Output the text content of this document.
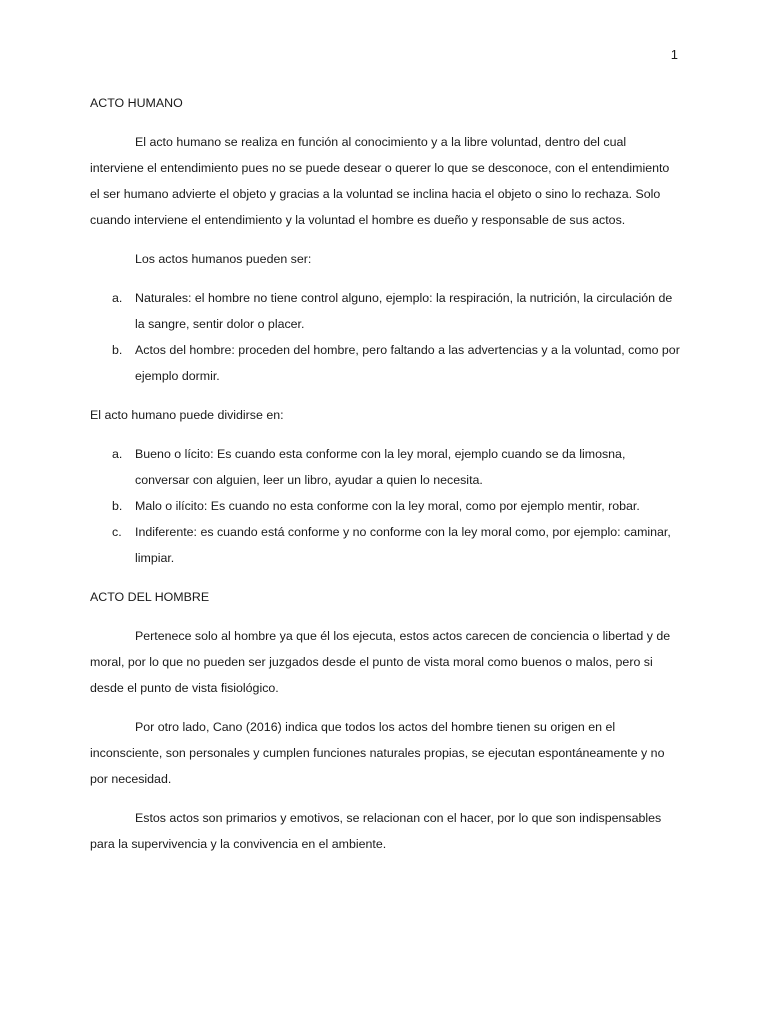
1
ACTO HUMANO

El acto humano se realiza en función al conocimiento y a la libre voluntad, dentro del cual interviene el entendimiento pues no se puede desear o querer lo que se desconoce, con el entendimiento el ser humano advierte el objeto y gracias a la voluntad se inclina hacia el objeto o sino lo rechaza. Solo cuando interviene el entendimiento y la voluntad el hombre es dueño y responsable de sus actos.

Los actos humanos pueden ser:

a. Naturales: el hombre no tiene control alguno, ejemplo: la respiración, la nutrición, la circulación de la sangre, sentir dolor o placer.
b. Actos del hombre: proceden del hombre, pero faltando a las advertencias y a la voluntad, como por ejemplo dormir.

El acto humano puede dividirse en:

a. Bueno o lícito: Es cuando esta conforme con la ley moral, ejemplo cuando se da limosna, conversar con alguien, leer un libro, ayudar a quien lo necesita.
b. Malo o ilícito: Es cuando no esta conforme con la ley moral, como por ejemplo mentir, robar.
c. Indiferente: es cuando está conforme y no conforme con la ley moral como, por ejemplo: caminar, limpiar.
ACTO DEL HOMBRE

Pertenece solo al hombre ya que él los ejecuta, estos actos carecen de conciencia o libertad y de moral, por lo que no pueden ser juzgados desde el punto de vista moral como buenos o malos, pero si desde el punto de vista fisiológico.

Por otro lado, Cano (2016) indica que todos los actos del hombre tienen su origen en el inconsciente, son personales y cumplen funciones naturales propias, se ejecutan espontáneamente y no por necesidad.

Estos actos son primarios y emotivos, se relacionan con el hacer, por lo que son indispensables para la supervivencia y la convivencia en el ambiente.
